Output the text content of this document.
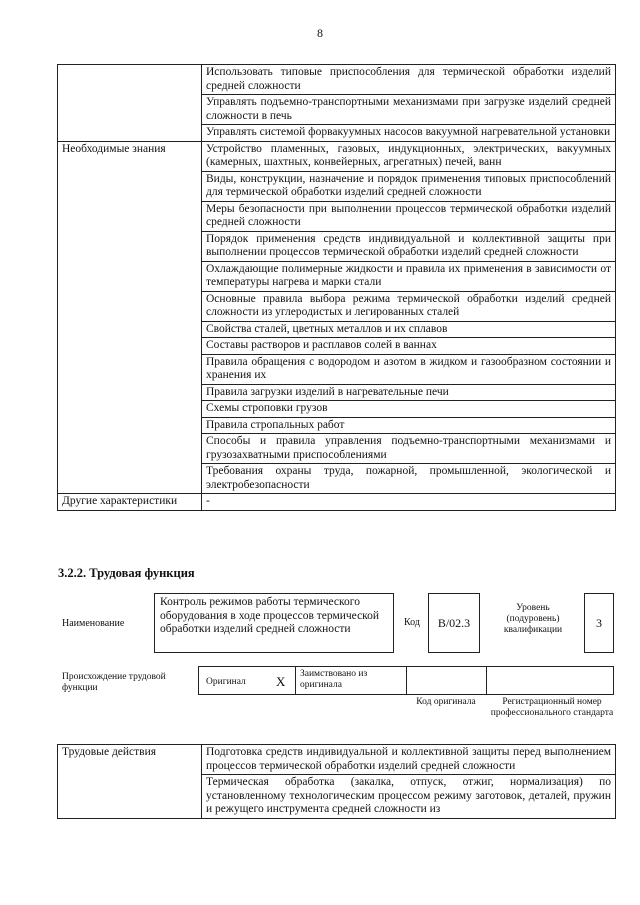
8
	Использовать типовые приспособления для термической обработки изделий средней сложности
	Управлять подъемно-транспортными механизмами при загрузке изделий средней сложности в печь
	Управлять системой форвакуумных насосов вакуумной нагревательной установки
Необходимые знания	Устройство пламенных, газовых, индукционных, электрических, вакуумных (камерных, шахтных, конвейерных, агрегатных) печей, ванн
	Виды, конструкции, назначение и порядок применения типовых приспособлений для термической обработки изделий средней сложности
	Меры безопасности при выполнении процессов термической обработки изделий средней сложности
	Порядок применения средств индивидуальной и коллективной защиты при выполнении процессов термической обработки изделий средней сложности
	Охлаждающие полимерные жидкости и правила их применения в зависимости от температуры нагрева и марки стали
	Основные правила выбора режима термической обработки изделий средней сложности из углеродистых и легированных сталей
	Свойства сталей, цветных металлов и их сплавов
	Составы растворов и расплавов солей в ваннах
	Правила обращения с водородом и азотом в жидком и газообразном состоянии и хранения их
	Правила загрузки изделий в нагревательные печи
	Схемы строповки грузов
	Правила стропальных работ
	Способы и правила управления подъемно-транспортными механизмами и грузозахватными приспособлениями
	Требования охраны труда, пожарной, промышленной, экологической и электробезопасности
Другие характеристики	-
3.2.2. Трудовая функция
Наименование
Контроль режимов работы термического оборудования в ходе процессов термической обработки изделий средней сложности
Код	B/02.3
Уровень (подуровень) квалификации	3
Происхождение трудовой функции
Оригинал X Заимствовано из оригинала
Код оригинала	Регистрационный номер профессионального стандарта
Трудовые действия	Подготовка средств индивидуальной и коллективной защиты перед выполнением процессов термической обработки изделий средней сложности
Термическая обработка (закалка, отпуск, отжиг, нормализация) по установленному технологическим процессом режиму заготовок, деталей, пружин и режущего инструмента средней сложности из
